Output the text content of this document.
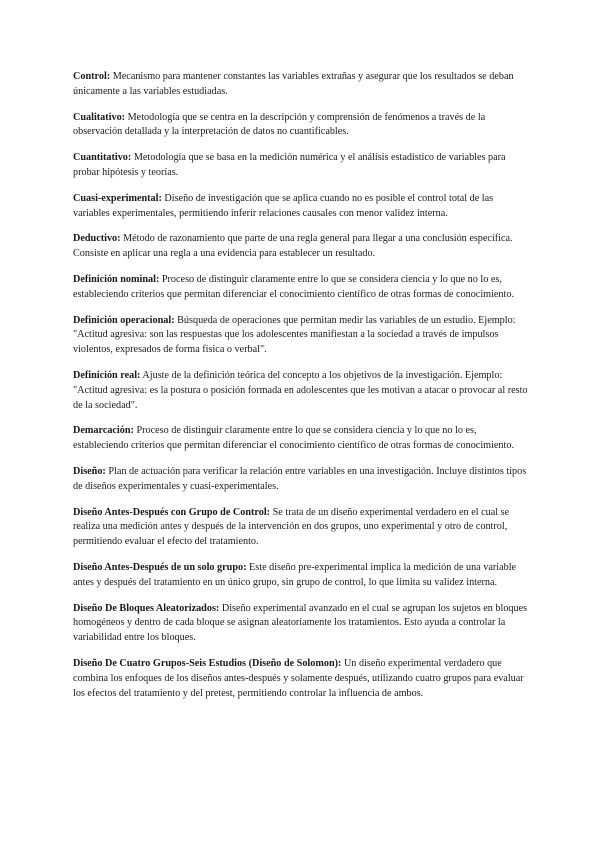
Control: Mecanismo para mantener constantes las variables extrañas y asegurar que los resultados se deban únicamente a las variables estudiadas.

Cualitativo: Metodología que se centra en la descripción y comprensión de fenómenos a través de la observación detallada y la interpretación de datos no cuantificables.

Cuantitativo: Metodología que se basa en la medición numérica y el análisis estadístico de variables para probar hipótesis y teorías.

Cuasi-experimental: Diseño de investigación que se aplica cuando no es posible el control total de las variables experimentales, permitiendo inferir relaciones causales con menor validez interna.

Deductivo: Método de razonamiento que parte de una regla general para llegar a una conclusión específica. Consiste en aplicar una regla a una evidencia para establecer un resultado.

Definición nominal: Proceso de distinguir claramente entre lo que se considera ciencia y lo que no lo es, estableciendo criterios que permitan diferenciar el conocimiento científico de otras formas de conocimiento.

Definición operacional: Búsqueda de operaciones que permitan medir las variables de un estudio. Ejemplo: "Actitud agresiva: son las respuestas que los adolescentes manifiestan a la sociedad a través de impulsos violentos, expresados de forma física o verbal".

Definición real: Ajuste de la definición teórica del concepto a los objetivos de la investigación. Ejemplo: "Actitud agresiva: es la postura o posición formada en adolescentes que les motivan a atacar o provocar al resto de la sociedad".

Demarcación: Proceso de distinguir claramente entre lo que se considera ciencia y lo que no lo es, estableciendo criterios que permitan diferenciar el conocimiento científico de otras formas de conocimiento.

Diseño: Plan de actuación para verificar la relación entre variables en una investigación. Incluye distintos tipos de diseños experimentales y cuasi-experimentales.

Diseño Antes-Después con Grupo de Control: Se trata de un diseño experimental verdadero en el cual se realiza una medición antes y después de la intervención en dos grupos, uno experimental y otro de control, permitiendo evaluar el efecto del tratamiento.

Diseño Antes-Después de un solo grupo: Este diseño pre-experimental implica la medición de una variable antes y después del tratamiento en un único grupo, sin grupo de control, lo que limita su validez interna.

Diseño De Bloques Aleatorizados: Diseño experimental avanzado en el cual se agrupan los sujetos en bloques homogéneos y dentro de cada bloque se asignan aleatoriamente los tratamientos. Esto ayuda a controlar la variabilidad entre los bloques.

Diseño De Cuatro Grupos-Seis Estudios (Diseño de Solomon): Un diseño experimental verdadero que combina los enfoques de los diseños antes-después y solamente después, utilizando cuatro grupos para evaluar los efectos del tratamiento y del pretest, permitiendo controlar la influencia de ambos.
